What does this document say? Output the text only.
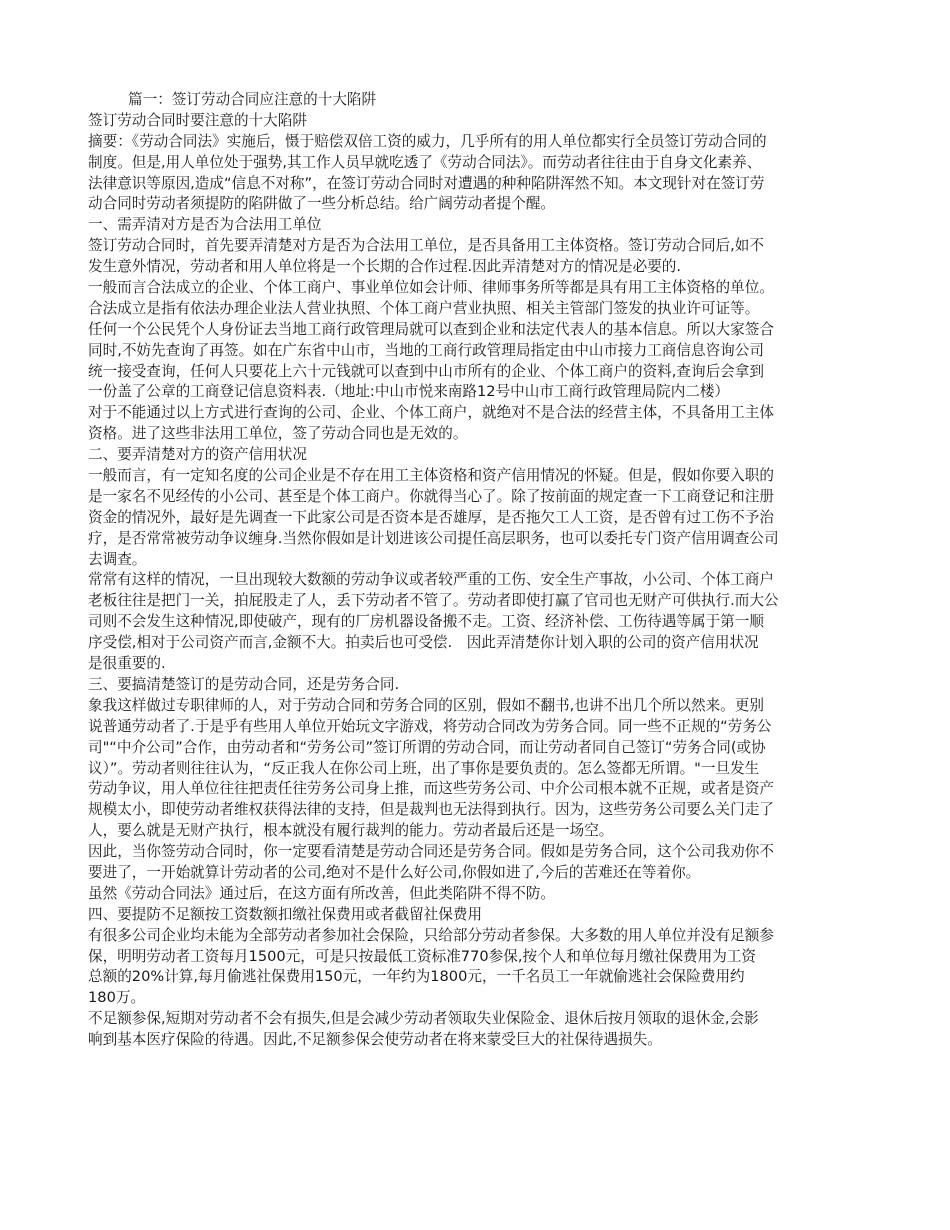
篇一：签订劳动合同应注意的十大陷阱

签订劳动合同时要注意的十大陷阱

摘要：《劳动合同法》实施后，慑于赔偿双倍工资的威力，几乎所有的用人单位都实行全员签订劳动合同的

制度。但是,用人单位处于强势,其工作人员早就吃透了《劳动合同法》。而劳动者往往由于自身文化素养、

法律意识等原因,造成“信息不对称”，在签订劳动合同时对遭遇的种种陷阱浑然不知。本文现针对在签订劳

动合同时劳动者须提防的陷阱做了一些分析总结。给广阔劳动者提个醒。

一、需弄清对方是否为合法用工单位

签订劳动合同时，首先要弄清楚对方是否为合法用工单位，是否具备用工主体资格。签订劳动合同后,如不

发生意外情况，劳动者和用人单位将是一个长期的合作过程.因此弄清楚对方的情况是必要的.

一般而言合法成立的企业、个体工商户、事业单位如会计师、律师事务所等都是具有用工主体资格的单位。

合法成立是指有依法办理企业法人营业执照、个体工商户营业执照、相关主管部门签发的执业许可证等。

任何一个公民凭个人身份证去当地工商行政管理局就可以查到企业和法定代表人的基本信息。所以大家签合

同时,不妨先查询了再签。如在广东省中山市，当地的工商行政管理局指定由中山市接力工商信息咨询公司

统一接受查询，任何人只要花上六十元钱就可以查到中山市所有的企业、个体工商户的资料,查询后会拿到

一份盖了公章的工商登记信息资料表.（地址:中山市悦来南路12号中山市工商行政管理局院内二楼）

对于不能通过以上方式进行查询的公司、企业、个体工商户，就绝对不是合法的经营主体，不具备用工主体

资格。进了这些非法用工单位，签了劳动合同也是无效的。

二、要弄清楚对方的资产信用状况

一般而言，有一定知名度的公司企业是不存在用工主体资格和资产信用情况的怀疑。但是，假如你要入职的

是一家名不见经传的小公司、甚至是个体工商户。你就得当心了。除了按前面的规定查一下工商登记和注册

资金的情况外，最好是先调查一下此家公司是否资本是否雄厚，是否拖欠工人工资，是否曾有过工伤不予治

疗，是否常常被劳动争议缠身.当然你假如是计划进该公司提任高层职务，也可以委托专门资产信用调查公司

去调查。

常常有这样的情况，一旦出现较大数额的劳动争议或者较严重的工伤、安全生产事故，小公司、个体工商户

老板往往是把门一关，拍屁股走了人，丢下劳动者不管了。劳动者即使打赢了官司也无财产可供执行.而大公

司则不会发生这种情况,即使破产，现有的厂房机器设备搬不走。工资、经济补偿、工伤待遇等属于第一顺

序受偿,相对于公司资产而言,金额不大。拍卖后也可受偿.　因此弄清楚你计划入职的公司的资产信用状况

是很重要的.

三、要搞清楚签订的是劳动合同，还是劳务合同.

象我这样做过专职律师的人，对于劳动合同和劳务合同的区别，假如不翻书,也讲不出几个所以然来。更别

说普通劳动者了.于是乎有些用人单位开始玩文字游戏，将劳动合同改为劳务合同。同一些不正规的“劳务公

司"“中介公司”合作，由劳动者和“劳务公司”签订所谓的劳动合同，而让劳动者同自己签订“劳务合同(或协

议）”。劳动者则往往认为，“反正我人在你公司上班，出了事你是要负责的。怎么签都无所谓。"一旦发生

劳动争议，用人单位往往把责任往劳务公司身上推，而这些劳务公司、中介公司根本就不正规，或者是资产

规模太小，即使劳动者维权获得法律的支持，但是裁判也无法得到执行。因为，这些劳务公司要么关门走了

人，要么就是无财产执行，根本就没有履行裁判的能力。劳动者最后还是一场空。

因此，当你签劳动合同时，你一定要看清楚是劳动合同还是劳务合同。假如是劳务合同，这个公司我劝你不

要进了，一开始就算计劳动者的公司,绝对不是什么好公司,你假如进了,今后的苦难还在等着你。

虽然《劳动合同法》通过后，在这方面有所改善，但此类陷阱不得不防。

四、要提防不足额按工资数额扣缴社保费用或者截留社保费用

有很多公司企业均未能为全部劳动者参加社会保险，只给部分劳动者参保。大多数的用人单位并没有足额参

保，明明劳动者工资每月1500元，可是只按最低工资标准770参保,按个人和单位每月缴社保费用为工资

总额的20%计算,每月偷逃社保费用150元，一年约为1800元，一千名员工一年就偷逃社会保险费用约

180万。

不足额参保,短期对劳动者不会有损失,但是会减少劳动者领取失业保险金、退休后按月领取的退休金,会影

响到基本医疗保险的待遇。因此,不足额参保会使劳动者在将来蒙受巨大的社保待遇损失。
